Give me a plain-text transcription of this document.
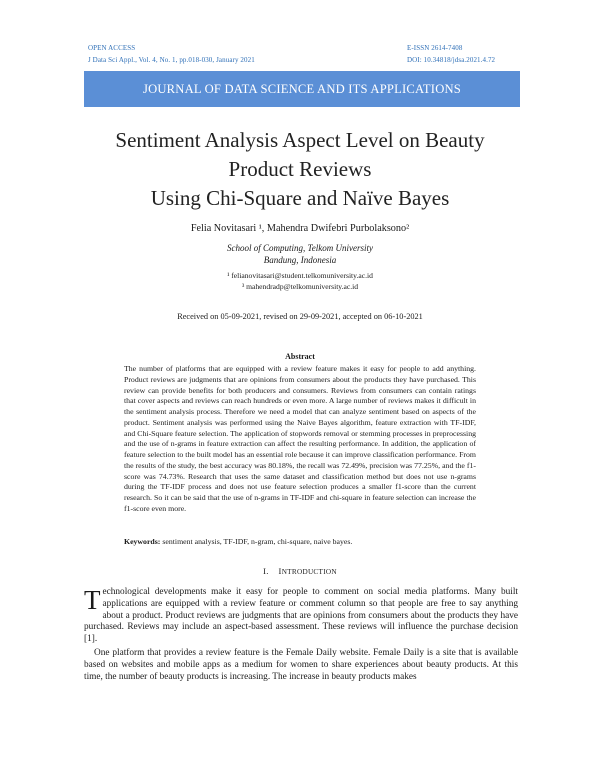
OPEN ACCESS
J Data Sci Appl., Vol. 4, No. 1, pp.018-030, January 2021
E-ISSN 2614-7408
DOI: 10.34818/jdsa.2021.4.72
JOURNAL OF DATA SCIENCE AND ITS APPLICATIONS
Sentiment Analysis Aspect Level on Beauty
Product Reviews
Using Chi-Square and Naïve Bayes
Felia Novitasari ¹, Mahendra Dwifebri Purbolaksono²
School of Computing, Telkom University
Bandung, Indonesia
¹ felianovitasari@student.telkomuniversity.ac.id
³ mahendradp@telkomuniversity.ac.id
Received on 05-09-2021, revised on 29-09-2021, accepted on 06-10-2021
Abstract
The number of platforms that are equipped with a review feature makes it easy for people to add anything. Product reviews are judgments that are opinions from consumers about the products they have purchased. This review can provide benefits for both producers and consumers. Reviews from consumers can contain ratings that cover aspects and reviews can reach hundreds or even more. A large number of reviews makes it difficult in the sentiment analysis process. Therefore we need a model that can analyze sentiment based on aspects of the product. Sentiment analysis was performed using the Naive Bayes algorithm, feature extraction with TF-IDF, and Chi-Square feature selection. The application of stopwords removal or stemming processes in preprocessing and the use of n-grams in feature extraction can affect the resulting performance. In addition, the application of feature selection to the built model has an essential role because it can improve classification performance. From the results of the study, the best accuracy was 80.18%, the recall was 72.49%, precision was 77.25%, and the f1-score was 74.73%. Research that uses the same dataset and classification method but does not use n-grams during the TF-IDF process and does not use feature selection produces a smaller f1-score than the current research. So it can be said that the use of n-grams in TF-IDF and chi-square in feature selection can increase the f1-score even more.
Keywords: sentiment analysis, TF-IDF, n-gram, chi-square, naive bayes.
I. INTRODUCTION
Technological developments make it easy for people to comment on social media platforms. Many built applications are equipped with a review feature or comment column so that people are free to say anything about a product. Product reviews are judgments that are opinions from consumers about the products they have purchased. Reviews may include an aspect-based assessment. These reviews will influence the purchase decision [1].
One platform that provides a review feature is the Female Daily website. Female Daily is a site that is available based on websites and mobile apps as a medium for women to share experiences about beauty products. At this time, the number of beauty products is increasing. The increase in beauty products makes
